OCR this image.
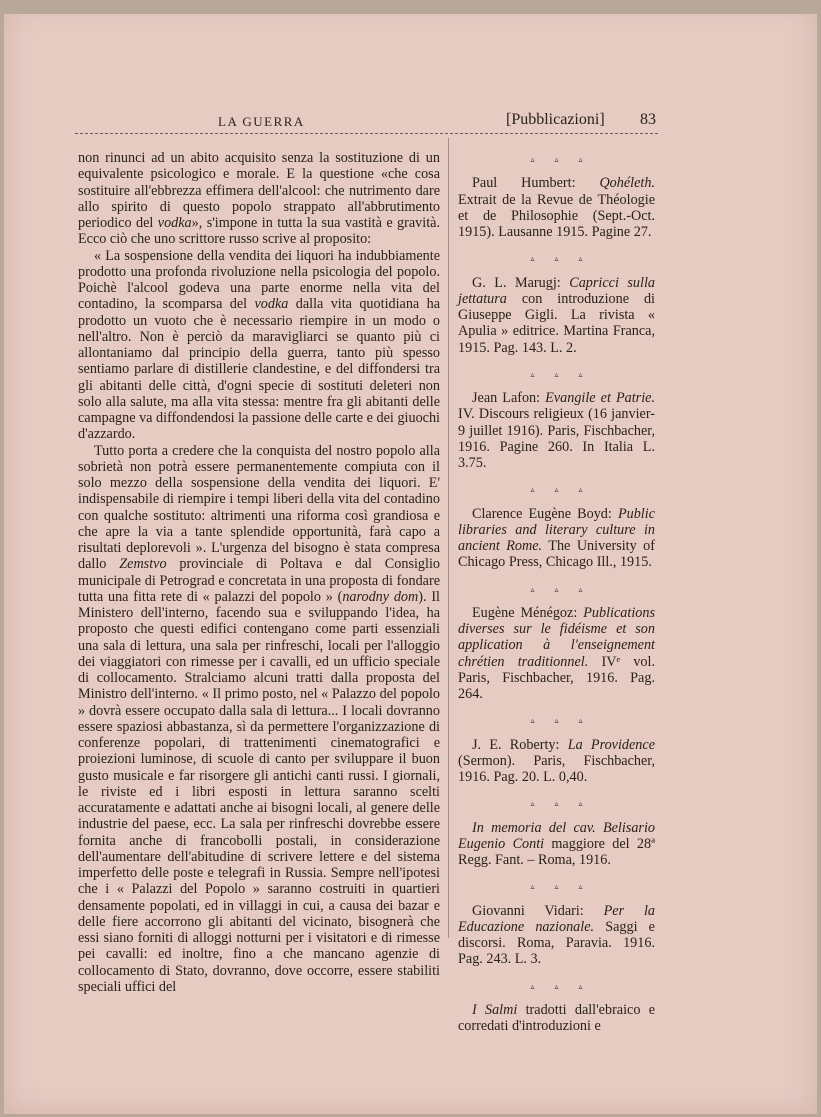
LA GUERRA	[Pubblicazioni] 83

non rinunci ad un abito acquisito senza la sostituzione di un equivalente psicologico e morale. E la questione «che cosa sostituire all'ebbrezza effimera dell'alcool: che nutrimento dare allo spirito di questo popolo strappato all'abbrutimento periodico del vodka», s'impone in tutta la sua vastità e gravità. Ecco ciò che uno scrittore russo scrive al proposito:

« La sospensione della vendita dei liquori ha indubbiamente prodotto una profonda rivoluzione nella psicologia del popolo. Poichè l'alcool godeva una parte enorme nella vita del contadino, la scomparsa del vodka dalla vita quotidiana ha prodotto un vuoto che è necessario riempire in un modo o nell'altro. Non è perciò da maravigliarci se quanto più ci allontaniamo dal principio della guerra, tanto più spesso sentiamo parlare di distillerie clandestine, e del diffondersi tra gli abitanti delle città, d'ogni specie di sostituti deleteri non solo alla salute, ma alla vita stessa: mentre fra gli abitanti delle campagne va diffondendosi la passione delle carte e dei giuochi d'azzardo.

Tutto porta a credere che la conquista del nostro popolo alla sobrietà non potrà essere permanentemente compiuta con il solo mezzo della sospensione della vendita dei liquori. E' indispensabile di riempire i tempi liberi della vita del contadino con qualche sostituto: altrimenti una riforma così grandiosa e che apre la via a tante splendide opportunità, farà capo a risultati deplorevoli ». L'urgenza del bisogno è stata compresa dallo Zemstvo provinciale di Poltava e dal Consiglio municipale di Petrograd e concretata in una proposta di fondare tutta una fitta rete di « palazzi del popolo » (narodny dom). Il Ministero dell'interno, facendo sua e sviluppando l'idea, ha proposto che questi edifici contengano come parti essenziali una sala di lettura, una sala per rinfreschi, locali per l'alloggio dei viaggiatori con rimesse per i cavalli, ed un ufficio speciale di collocamento. Stralciamo alcuni tratti dalla proposta del Ministro dell'interno. « Il primo posto, nel « Palazzo del popolo » dovrà essere occupato dalla sala di lettura... I locali dovranno essere spaziosi abbastanza, sì da permettere l'organizzazione di conferenze popolari, di trattenimenti cinematografici e proiezioni luminose, di scuole di canto per sviluppare il buon gusto musicale e far risorgere gli antichi canti russi. I giornali, le riviste ed i libri esposti in lettura saranno scelti accuratamente e adattati anche ai bisogni locali, al genere delle industrie del paese, ecc. La sala per rinfreschi dovrebbe essere fornita anche di francobolli postali, in considerazione dell'aumentare dell'abitudine di scrivere lettere e del sistema imperfetto delle poste e telegrafi in Russia. Sempre nell'ipotesi che i « Palazzi del Popolo » saranno costruiti in quartieri densamente popolati, ed in villaggi in cui, a causa dei bazar e delle fiere accorrono gli abitanti del vicinato, bisognerà che essi siano forniti di alloggi notturni per i visitatori e di rimesse pei cavalli: ed inoltre, fino a che mancano agenzie di collocamento di Stato, dovranno, dove occorre, essere stabiliti speciali uffici del

▵ ▵ ▵

Paul Humbert: Qohéleth. Extrait de la Revue de Théologie et de Philosophie (Sept.-Oct. 1915). Lausanne 1915. Pagine 27.

▵ ▵ ▵

G. L. Marugj: Capricci sulla jettatura con introduzione di Giuseppe Gigli. La rivista « Apulia » editrice. Martina Franca, 1915. Pag. 143. L. 2.

▵ ▵ ▵

Jean Lafon: Evangile et Patrie. IV. Discours religieux (16 janvier-9 juillet 1916). Paris, Fischbacher, 1916. Pagine 260. In Italia L. 3.75.

▵ ▵ ▵

Clarence Eugène Boyd: Public libraries and literary culture in ancient Rome. The University of Chicago Press, Chicago Ill., 1915.

▵ ▵ ▵

Eugène Ménégoz: Publications diverses sur le fidéisme et son application à l'enseignement chrétien traditionnel. IVᵉ vol. Paris, Fischbacher, 1916. Pag. 264.

▵ ▵ ▵

J. E. Roberty: La Providence (Sermon). Paris, Fischbacher, 1916. Pag. 20. L. 0,40.

▵ ▵ ▵

In memoria del cav. Belisario Eugenio Conti maggiore del 28ª Regg. Fant. – Roma, 1916.

▵ ▵ ▵

Giovanni Vidari: Per la Educazione nazionale. Saggi e discorsi. Roma, Paravia. 1916. Pag. 243. L. 3.

▵ ▵ ▵

I Salmi tradotti dall'ebraico e corredati d'introduzioni e
